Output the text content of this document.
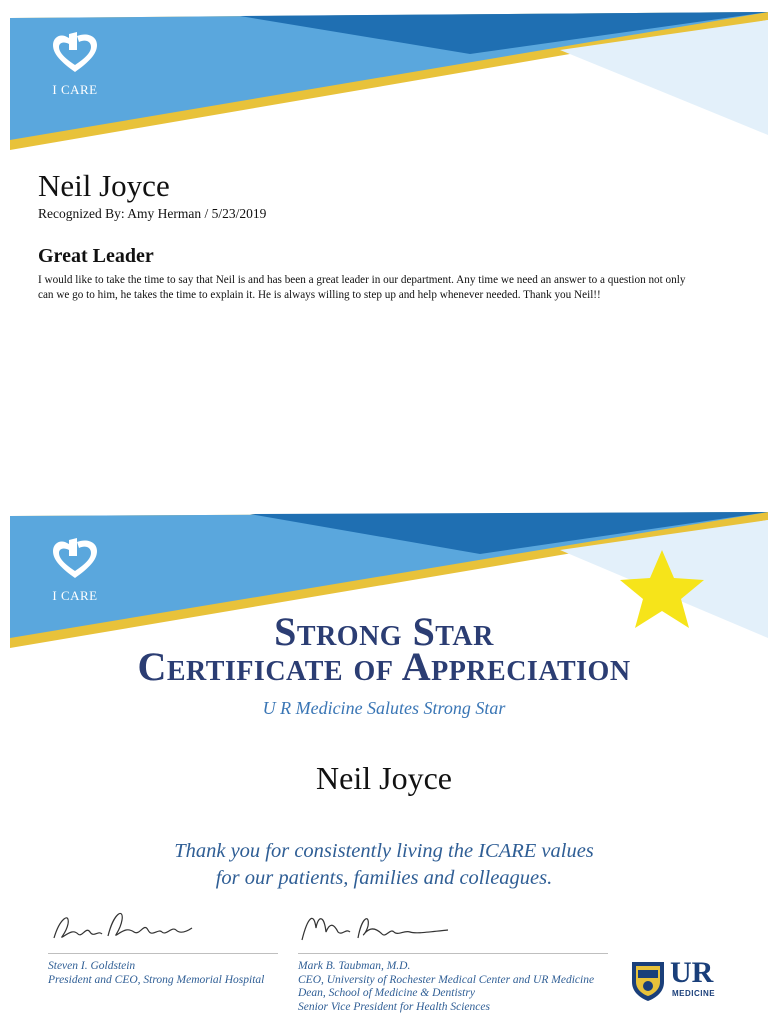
I CARE
Neil Joyce
Recognized By: Amy Herman / 5/23/2019
Great Leader
I would like to take the time to say that Neil is and has been a great leader in our department. Any time we need an answer to a question not only can we go to him, he takes the time to explain it. He is always willing to step up and help whenever needed. Thank you Neil!!
I CARE
Strong Star
Certificate of Appreciation
U R Medicine Salutes Strong Star
Neil Joyce
Thank you for consistently living the ICARE values
for our patients, families and colleagues.
Steven I. Goldstein
President and CEO, Strong Memorial Hospital
Mark B. Taubman, M.D.
CEO, University of Rochester Medical Center and UR Medicine
Dean, School of Medicine & Dentistry
Senior Vice President for Health Sciences
UR
MEDICINE
